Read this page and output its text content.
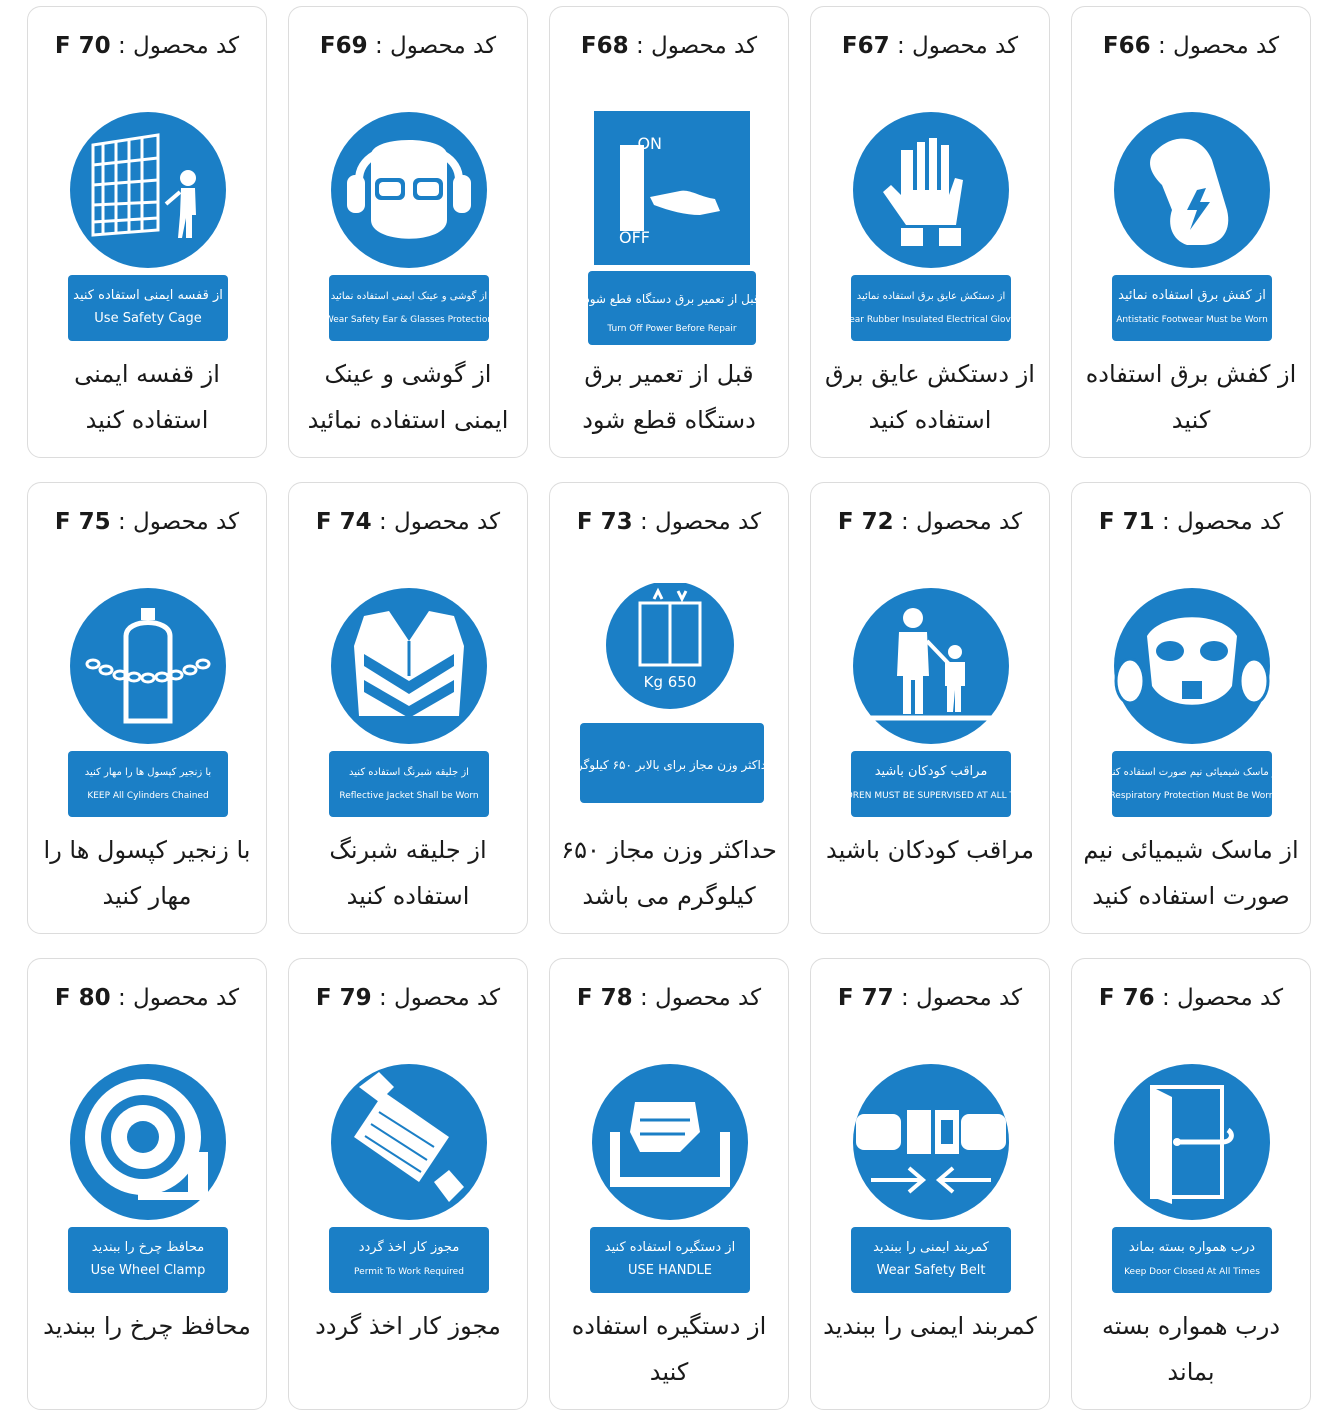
کد محصول : F66
از کفش برق استفاده نمائید
Antistatic Footwear Must be Worn
از کفش برق استفاده کنید
کد محصول : F67
از دستکش عایق برق استفاده نمائید
Wear Rubber Insulated Electrical Gloves
از دستکش عایق برق استفاده کنید
کد محصول : F68
ON
OFF
قبل از تعمیر برق دستگاه قطع شود
Turn Off Power Before Repair
قبل از تعمیر برق دستگاه قطع شود
کد محصول : F69
از گوشی و عینک ایمنی استفاده نمائید
Wear Safety Ear & Glasses Protection
از گوشی و عینک ایمنی استفاده نمائید
کد محصول : F 70
از قفسه ایمنی استفاده کنید
Use Safety Cage
از قفسه ایمنی استفاده کنید
کد محصول : F 71
از ماسک شیمیائی نیم صورت استفاده کنید
Respiratory Protection Must Be Worn
از ماسک شیمیائی نیم صورت استفاده کنید
کد محصول : F 72
مراقب کودکان باشید
CHILDREN MUST BE SUPERVISED AT ALL TIMES
مراقب کودکان باشید
کد محصول : F 73
650 Kg
حداکثر وزن مجاز برای بالابر ۶۵۰ کیلوگرم
حداکثر وزن مجاز ۶۵۰ کیلوگرم می باشد
کد محصول : F 74
از جلیقه شبرنگ استفاده کنید
Reflective Jacket Shall be Worn
از جلیقه شبرنگ استفاده کنید
کد محصول : F 75
با زنجیر کپسول ها را مهار کنید
KEEP All Cylinders Chained
با زنجیر کپسول ها را مهار کنید
کد محصول : F 76
درب همواره بسته بماند
Keep Door Closed At All Times
درب همواره بسته بماند
کد محصول : F 77
کمربند ایمنی را ببندید
Wear Safety Belt
کمربند ایمنی را ببندید
کد محصول : F 78
از دستگیره استفاده کنید
USE HANDLE
از دستگیره استفاده کنید
کد محصول : F 79
مجوز کار اخذ گردد
Permit To Work Required
مجوز کار اخذ گردد
کد محصول : F 80
محافظ چرخ را ببندید
Use Wheel Clamp
محافظ چرخ را ببندید
